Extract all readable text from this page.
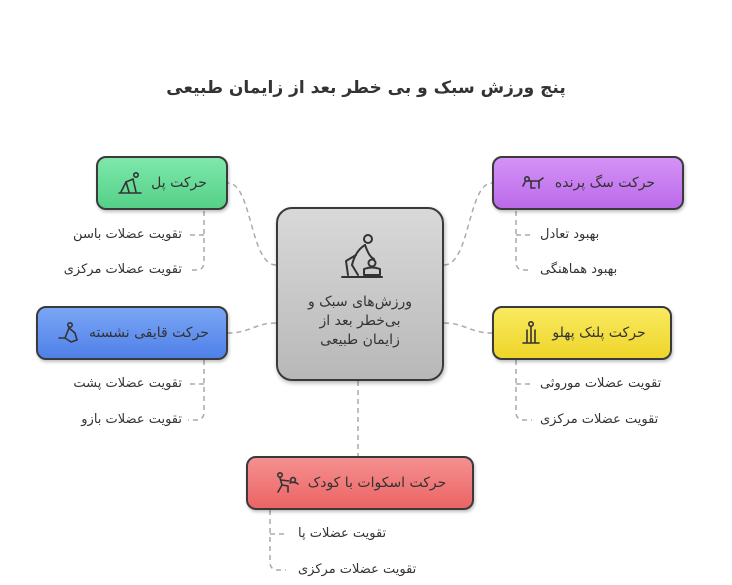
پنج ورزش سبک و بی خطر بعد از زایمان طبیعی
ورزش‌های سبک و بی‌خطر بعد از زایمان طبیعی
حرکت پل
تقویت عضلات باسن
تقویت عضلات مرکزی
حرکت سگ پرنده
بهبود تعادل
بهبود هماهنگی
حرکت قایقی نشسته
تقویت عضلات پشت
تقویت عضلات بازو
حرکت پلنک پهلو
تقویت عضلات موروثی
تقویت عضلات مرکزی
حرکت اسکوات با کودک
تقویت عضلات پا
تقویت عضلات مرکزی
